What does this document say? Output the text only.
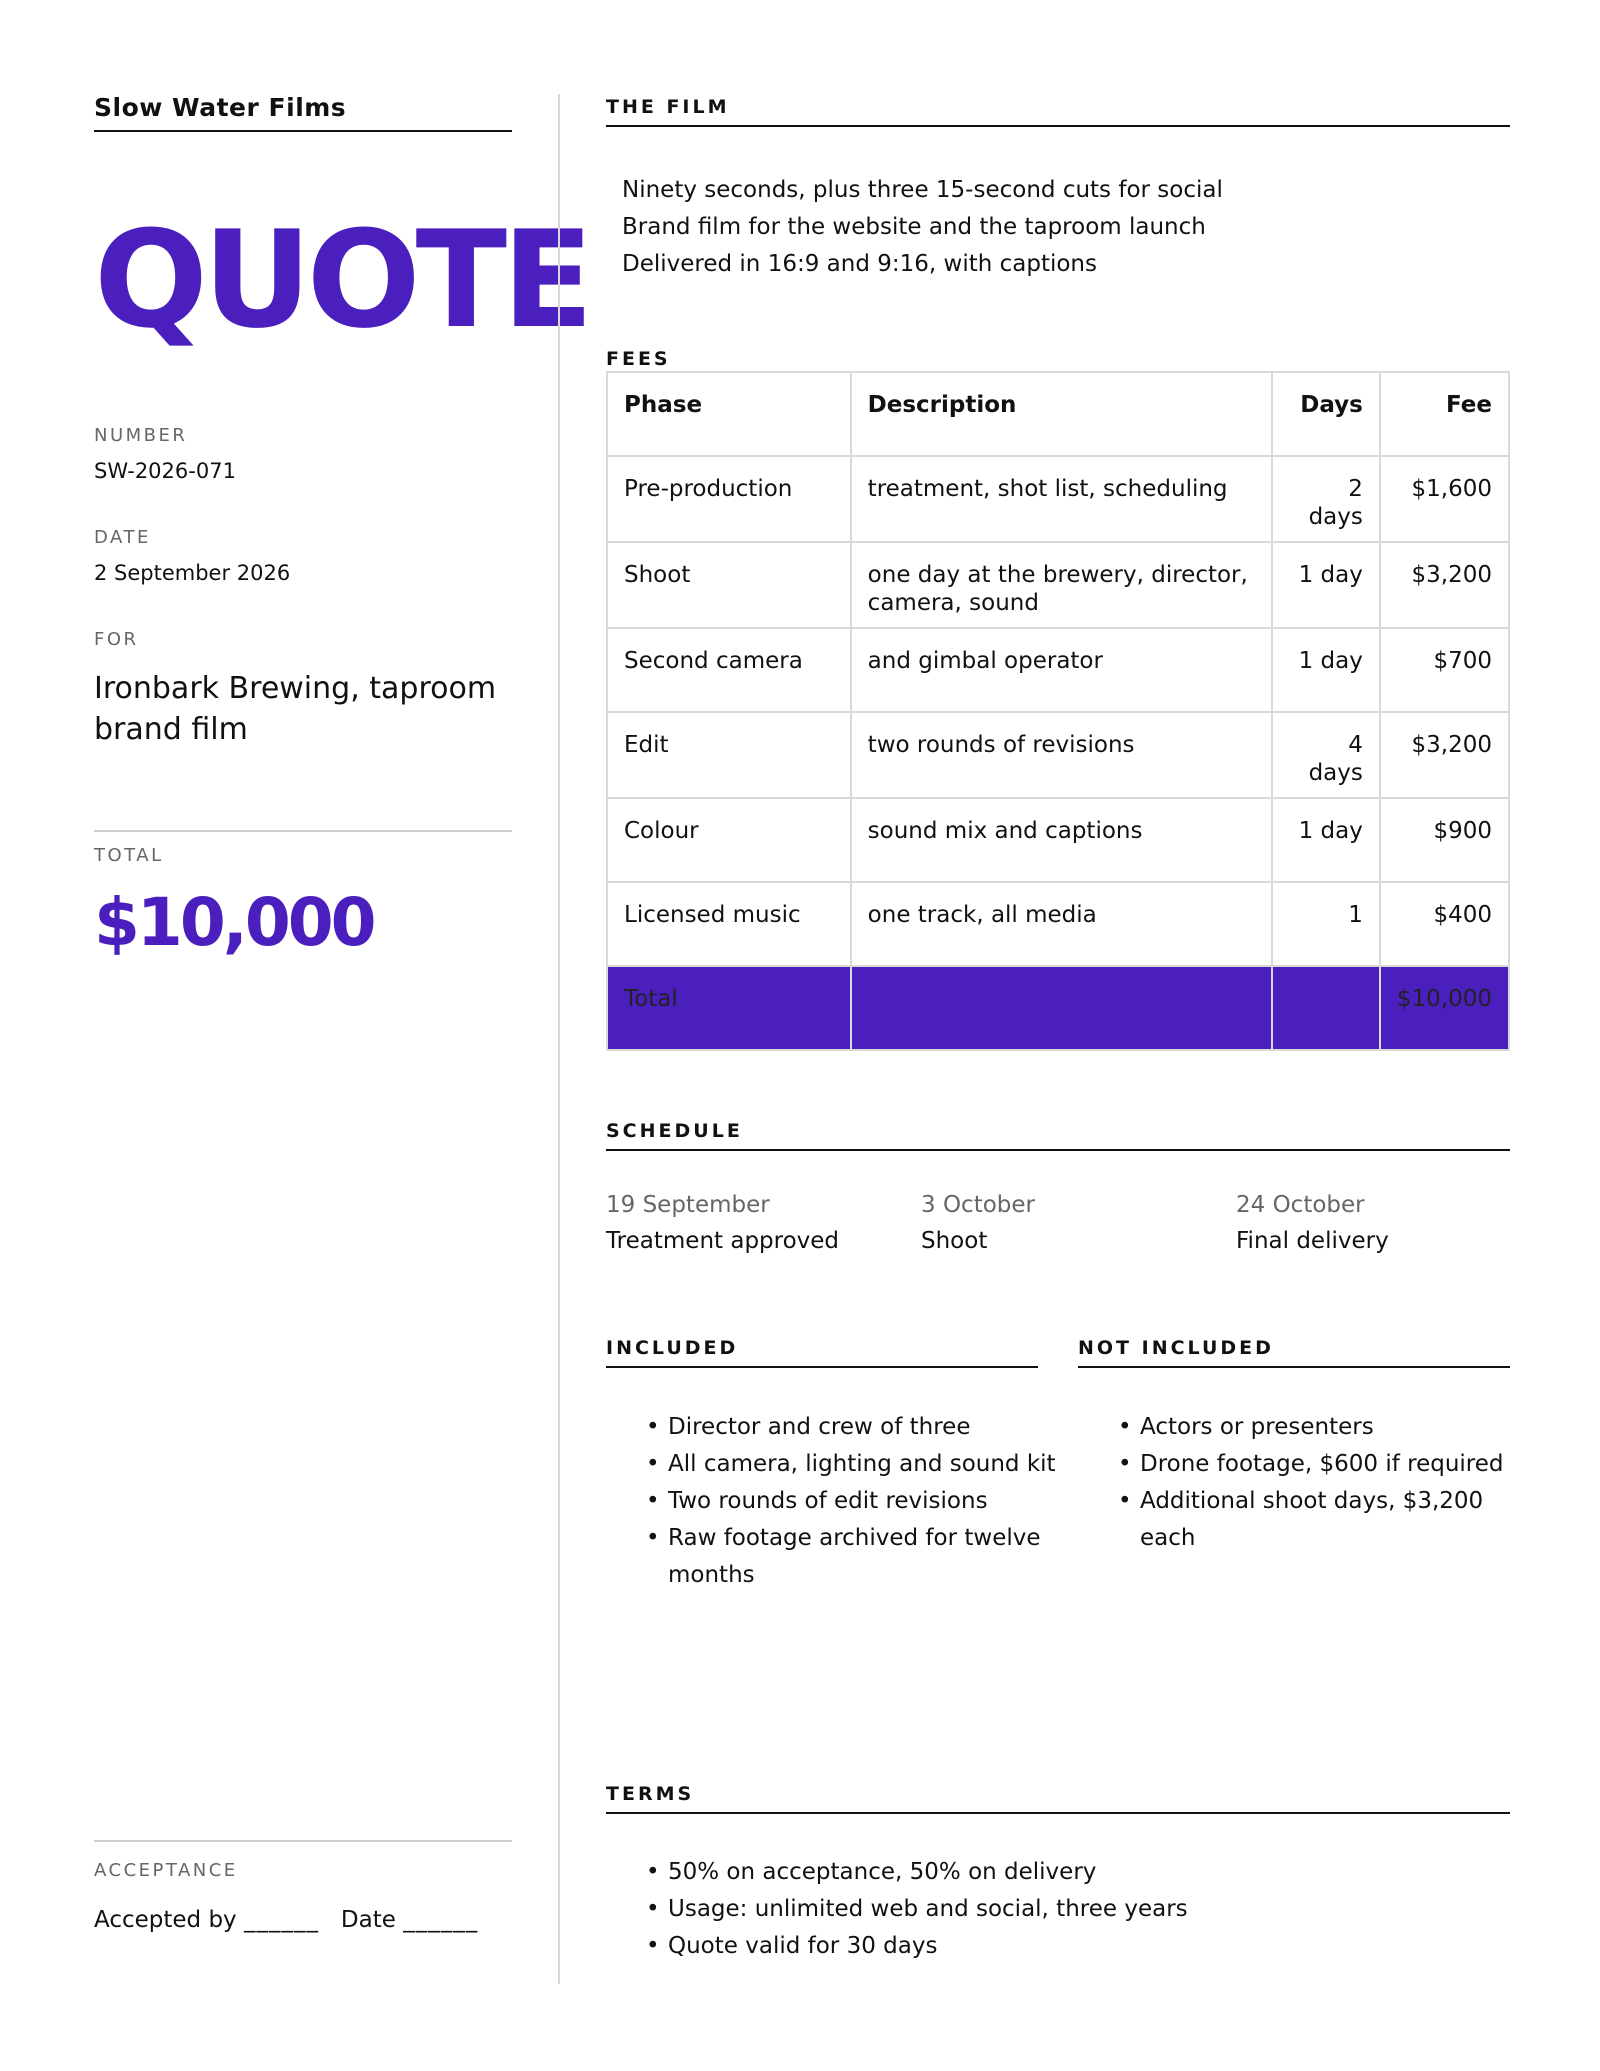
Slow Water Films
QUOTE
NUMBER
SW-2026-071
DATE
2 September 2026
FOR
Ironbark Brewing, taproom brand film
TOTAL
$10,000
ACCEPTANCE
Accepted by ______ Date ______
THE FILM
Ninety seconds, plus three 15-second cuts for social
Brand film for the website and the taproom launch
Delivered in 16:9 and 9:16, with captions
FEES
Phase	Description	Days	Fee
Pre-production	treatment, shot list, scheduling	2 days	$1,600
Shoot	one day at the brewery, director, camera, sound	1 day	$3,200
Second camera	and gimbal operator	1 day	$700
Edit	two rounds of revisions	4 days	$3,200
Colour	sound mix and captions	1 day	$900
Licensed music	one track, all media	1	$400
Total			$10,000
SCHEDULE
19 September
Treatment approved
3 October
Shoot
24 October
Final delivery
INCLUDED
• Director and crew of three
• All camera, lighting and sound kit
• Two rounds of edit revisions
• Raw footage archived for twelve months
NOT INCLUDED
• Actors or presenters
• Drone footage, $600 if required
• Additional shoot days, $3,200 each
TERMS
• 50% on acceptance, 50% on delivery
• Usage: unlimited web and social, three years
• Quote valid for 30 days
